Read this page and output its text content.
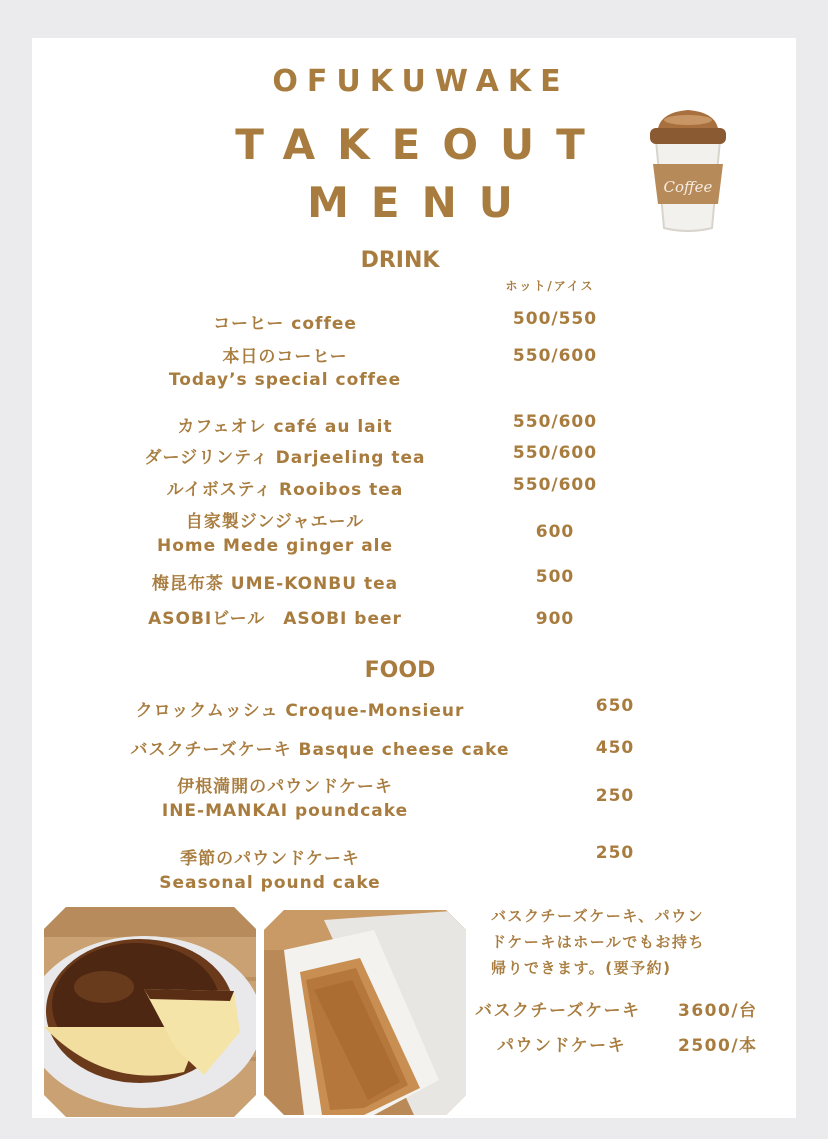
OFUKUWAKE
TAKEOUT
MENU	Coffee
DRINK
ホット/アイス
コーヒー coffee	500/550
本日のコーヒー
Today’s special coffee
550/600
カフェオレ café au lait	550/600
ダージリンティ Darjeeling tea	550/600
ルイボスティ Rooibos tea	550/600
自家製ジンジャエール
Home Mede ginger ale
600
梅昆布茶 UME-KONBU tea	500
ASOBIビール　ASOBI beer	900
FOOD
クロックムッシュ Croque-Monsieur	650
バスクチーズケーキ Basque cheese cake	450
伊根満開のパウンドケーキ
INE-MANKAI poundcake
250
季節のパウンドケーキ
Seasonal pound cake
250
バスクチーズケーキ、パウン
ドケーキはホールでもお持ち
帰りできます。(要予約)
バスクチーズケーキ 3600/台
パウンドケーキ	2500/本
